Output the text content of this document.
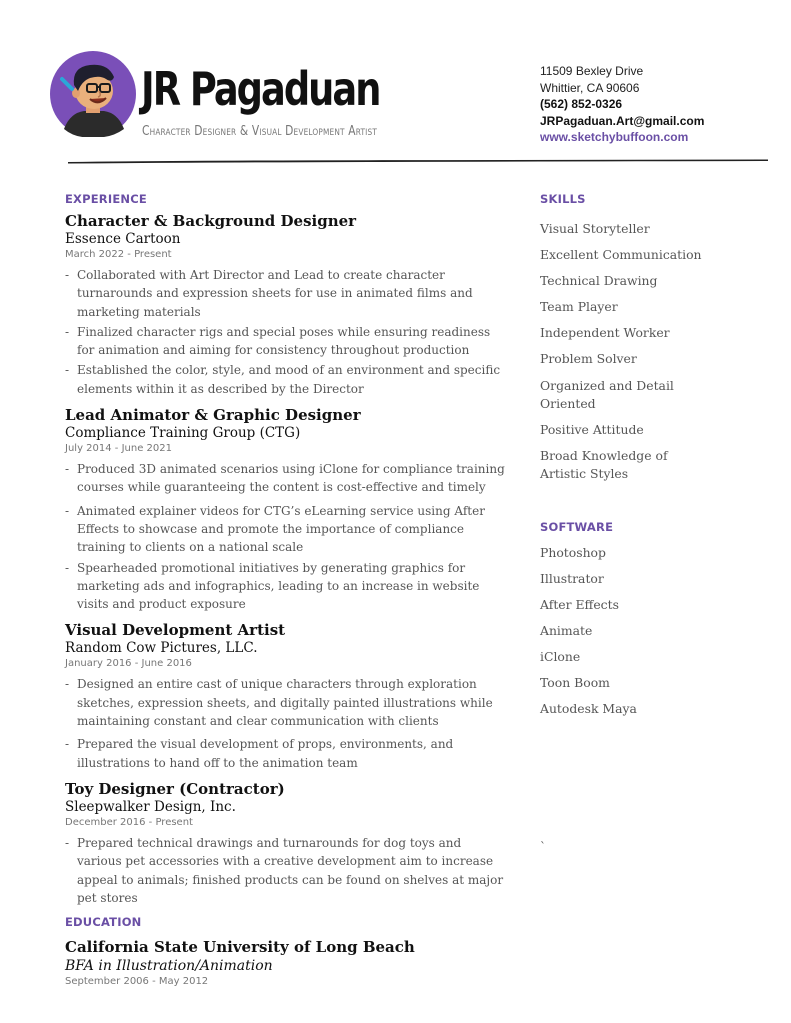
JR Pagaduan
Character Designer & Visual Development Artist
11509 Bexley Drive
Whittier, CA 90606
(562) 852-0326
JRPagaduan.Art@gmail.com
www.sketchybuffoon.com
EXPERIENCE
Character & Background Designer
Essence Cartoon
March 2022 - Present
- Collaborated with Art Director and Lead to create character turnarounds and expression sheets for use in animated films and marketing materials
- Finalized character rigs and special poses while ensuring readiness for animation and aiming for consistency throughout production
- Established the color, style, and mood of an environment and specific elements within it as described by the Director
Lead Animator & Graphic Designer
Compliance Training Group (CTG)
July 2014 - June 2021
- Produced 3D animated scenarios using iClone for compliance training courses while guaranteeing the content is cost-effective and timely
- Animated explainer videos for CTG’s eLearning service using After Effects to showcase and promote the importance of compliance training to clients on a national scale
- Spearheaded promotional initiatives by generating graphics for marketing ads and infographics, leading to an increase in website visits and product exposure
Visual Development Artist
Random Cow Pictures, LLC.
January 2016 - June 2016
- Designed an entire cast of unique characters through exploration sketches, expression sheets, and digitally painted illustrations while maintaining constant and clear communication with clients
- Prepared the visual development of props, environments, and illustrations to hand off to the animation team
Toy Designer (Contractor)
Sleepwalker Design, Inc.
December 2016 - Present
- Prepared technical drawings and turnarounds for dog toys and various pet accessories with a creative development aim to increase appeal to animals; finished products can be found on shelves at major pet stores
EDUCATION
California State University of Long Beach
BFA in Illustration/Animation
September 2006 - May 2012
SKILLS
Visual Storyteller
Excellent Communication
Technical Drawing
Team Player
Independent Worker
Problem Solver
Organized and Detail Oriented
Positive Attitude
Broad Knowledge of Artistic Styles
SOFTWARE
Photoshop
Illustrator
After Effects
Animate
iClone
Toon Boom
Autodesk Maya
`
